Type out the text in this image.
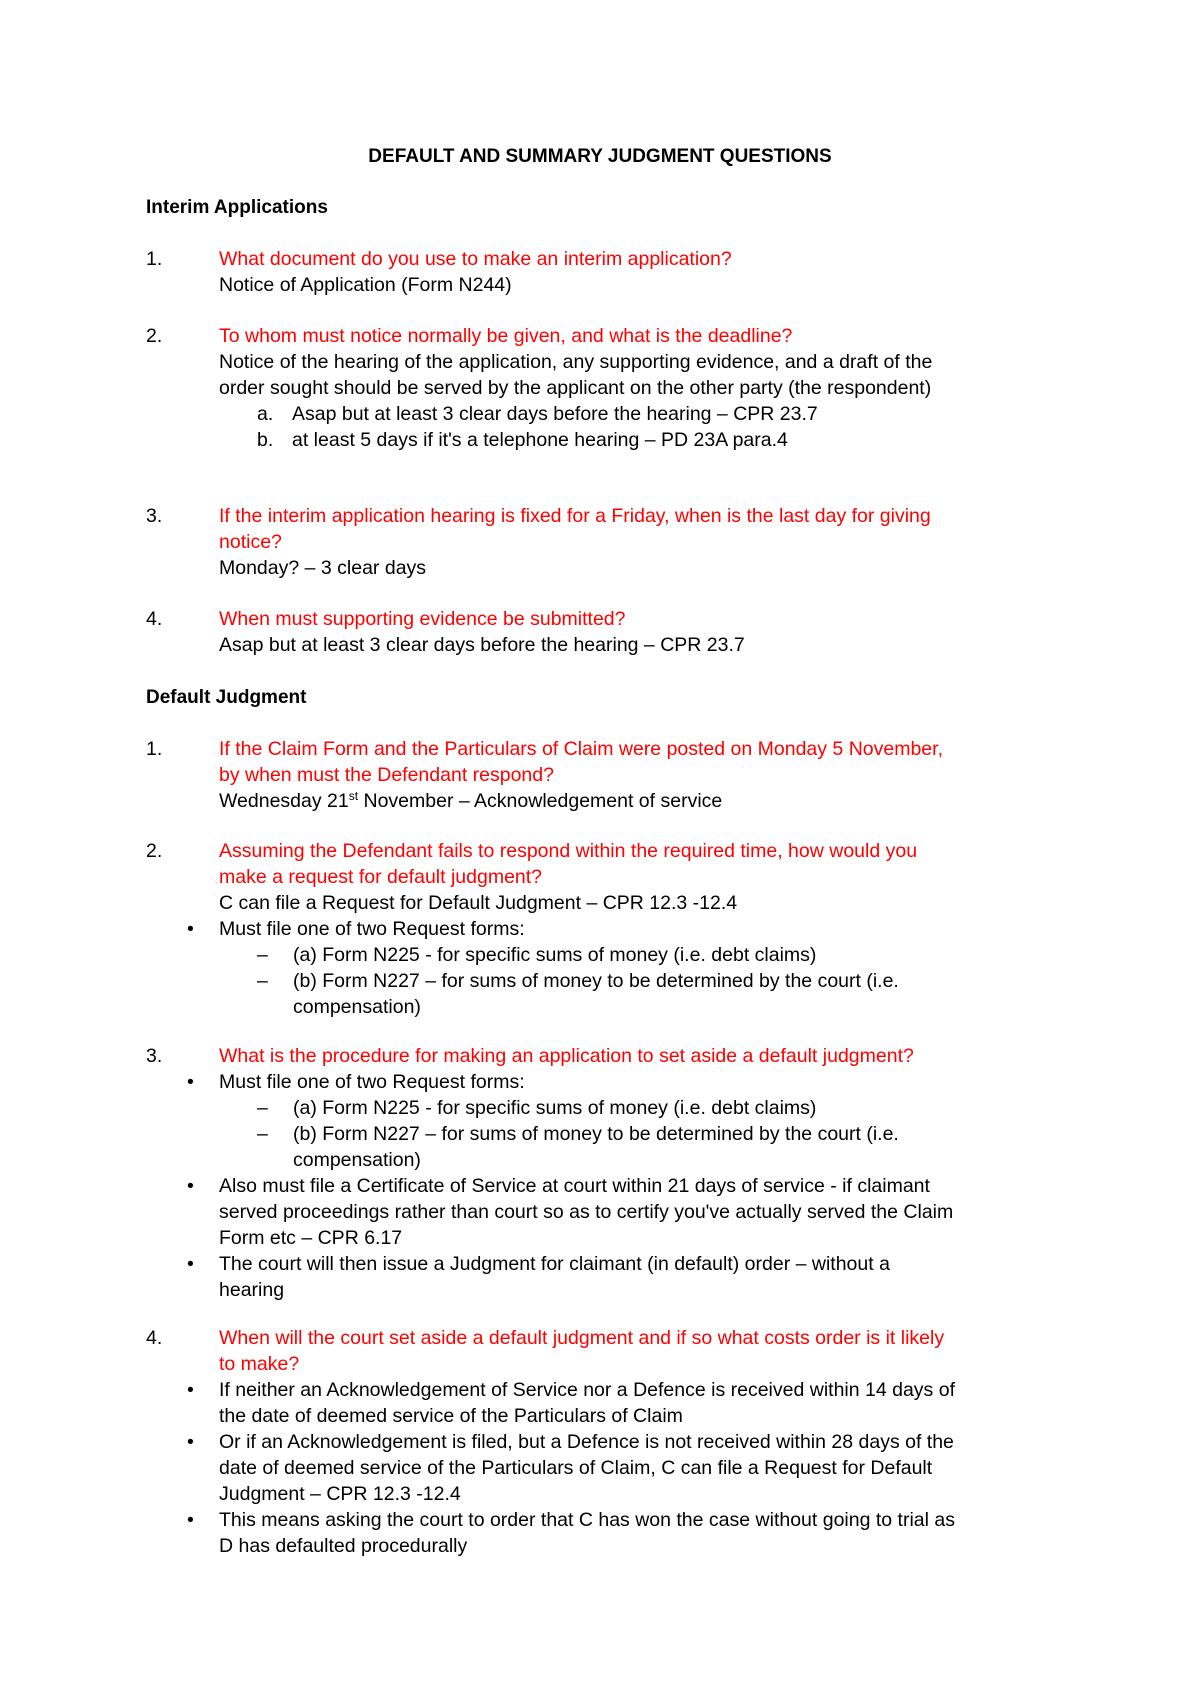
DEFAULT AND SUMMARY JUDGMENT QUESTIONS
Interim Applications
1.	What document do you use to make an interim application?
Notice of Application (Form N244)
2.	To whom must notice normally be given, and what is the deadline?
Notice of the hearing of the application, any supporting evidence, and a draft of the
order sought should be served by the applicant on the other party (the respondent)
a. Asap but at least 3 clear days before the hearing – CPR 23.7
b. at least 5 days if it's a telephone hearing – PD 23A para.4
3.	If the interim application hearing is fixed for a Friday, when is the last day for giving
notice?
Monday? – 3 clear days
4.	When must supporting evidence be submitted?
Asap but at least 3 clear days before the hearing – CPR 23.7
Default Judgment
1.	If the Claim Form and the Particulars of Claim were posted on Monday 5 November,
by when must the Defendant respond?
Wednesday 21st November – Acknowledgement of service
2.	Assuming the Defendant fails to respond within the required time, how would you
make a request for default judgment?
C can file a Request for Default Judgment – CPR 12.3 -12.4
• Must file one of two Request forms:
– (a) Form N225 - for specific sums of money (i.e. debt claims)
– (b) Form N227 – for sums of money to be determined by the court (i.e.
compensation)
3.	What is the procedure for making an application to set aside a default judgment?
• Must file one of two Request forms:
– (a) Form N225 - for specific sums of money (i.e. debt claims)
– (b) Form N227 – for sums of money to be determined by the court (i.e.
compensation)
• Also must file a Certificate of Service at court within 21 days of service - if claimant
served proceedings rather than court so as to certify you've actually served the Claim
Form etc – CPR 6.17
• The court will then issue a Judgment for claimant (in default) order – without a
hearing
4.	When will the court set aside a default judgment and if so what costs order is it likely
to make?
• If neither an Acknowledgement of Service nor a Defence is received within 14 days of
the date of deemed service of the Particulars of Claim
• Or if an Acknowledgement is filed, but a Defence is not received within 28 days of the
date of deemed service of the Particulars of Claim, C can file a Request for Default
Judgment – CPR 12.3 -12.4
• This means asking the court to order that C has won the case without going to trial as
D has defaulted procedurally
